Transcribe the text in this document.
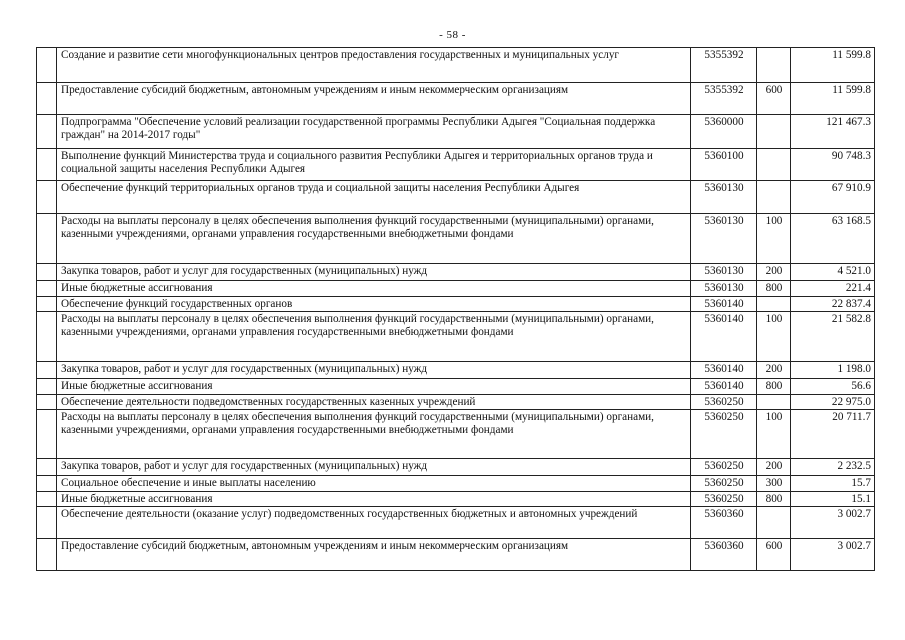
- 58 -
	Создание и развитие сети многофункциональных центров предоставления государственных и муниципальных услуг	5355392		11 599.8
	Предоставление субсидий бюджетным, автономным учреждениям и иным некоммерческим организациям	5355392	600	11 599.8
	Подпрограмма "Обеспечение условий реализации государственной программы Республики Адыгея "Социальная поддержка граждан" на 2014-2017 годы"	5360000		121 467.3
	Выполнение функций Министерства труда и социального развития Республики Адыгея и территориальных органов труда и социальной защиты населения Республики Адыгея	5360100		90 748.3
	Обеспечение функций территориальных органов труда и социальной защиты населения Республики Адыгея	5360130		67 910.9
	Расходы на выплаты персоналу в целях обеспечения выполнения функций государственными (муниципальными) органами, казенными учреждениями, органами управления государственными внебюджетными фондами	5360130	100	63 168.5
	Закупка товаров, работ и услуг для государственных (муниципальных) нужд	5360130	200	4 521.0
	Иные бюджетные ассигнования	5360130	800	221.4
	Обеспечение функций государственных органов	5360140		22 837.4
	Расходы на выплаты персоналу в целях обеспечения выполнения функций государственными (муниципальными) органами, казенными учреждениями, органами управления государственными внебюджетными фондами	5360140	100	21 582.8
	Закупка товаров, работ и услуг для государственных (муниципальных) нужд	5360140	200	1 198.0
	Иные бюджетные ассигнования	5360140	800	56.6
	Обеспечение деятельности подведомственных государственных казенных учреждений	5360250		22 975.0
	Расходы на выплаты персоналу в целях обеспечения выполнения функций государственными (муниципальными) органами, казенными учреждениями, органами управления государственными внебюджетными фондами	5360250	100	20 711.7
	Закупка товаров, работ и услуг для государственных (муниципальных) нужд	5360250	200	2 232.5
	Социальное обеспечение и иные выплаты населению	5360250	300	15.7
	Иные бюджетные ассигнования	5360250	800	15.1
	Обеспечение деятельности (оказание услуг) подведомственных государственных бюджетных и автономных учреждений	5360360		3 002.7
	Предоставление субсидий бюджетным, автономным учреждениям и иным некоммерческим организациям	5360360	600	3 002.7
